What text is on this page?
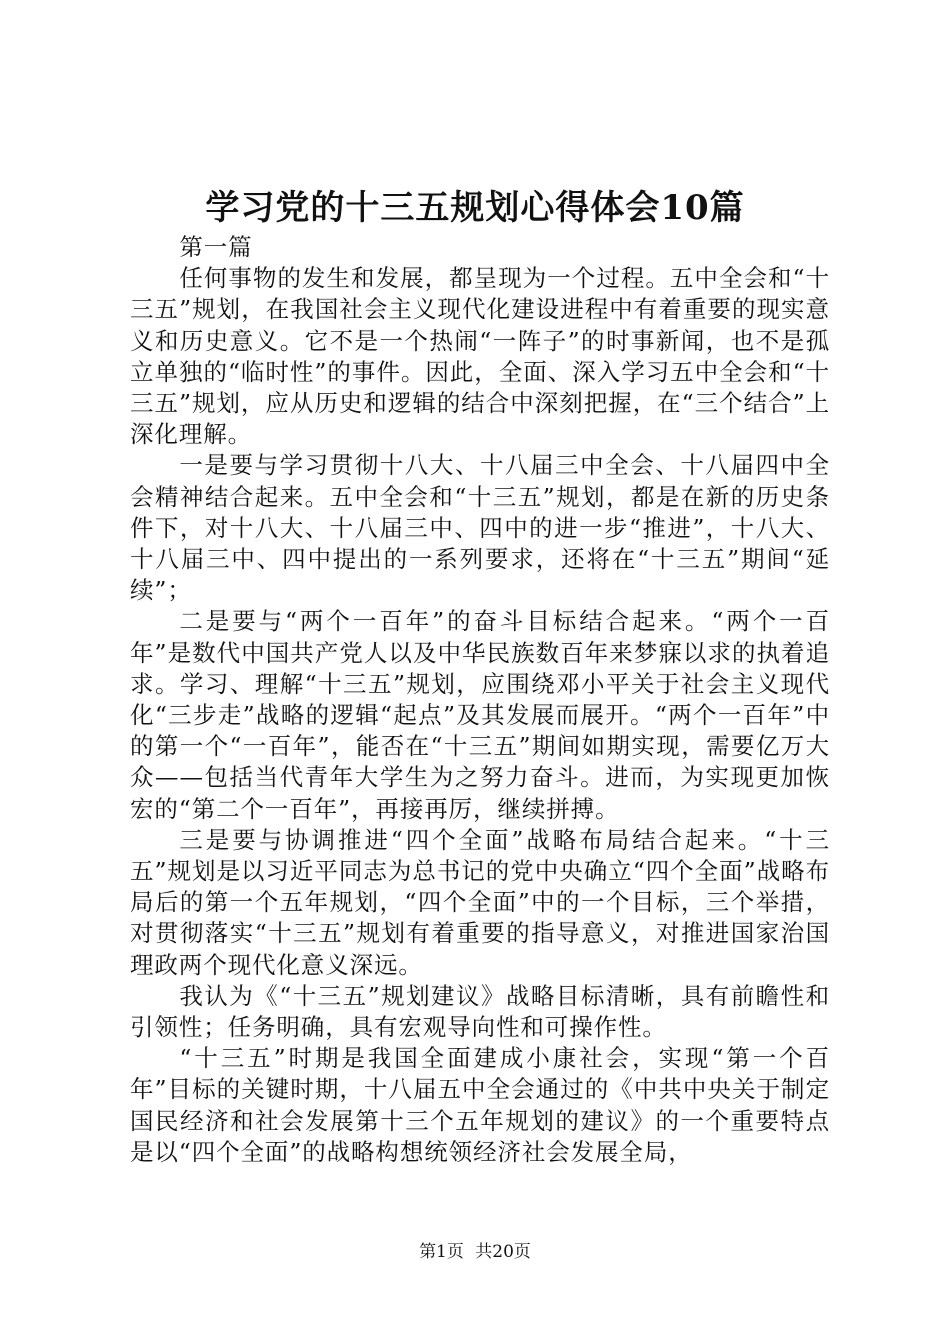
学习党的十三五规划心得体会10篇

第一篇

任何事物的发生和发展，都呈现为一个过程。五中全会和“十三五”规划，在我国社会主义现代化建设进程中有着重要的现实意义和历史意义。它不是一个热闹“一阵子”的时事新闻，也不是孤立单独的“临时性”的事件。因此，全面、深入学习五中全会和“十三五”规划，应从历史和逻辑的结合中深刻把握，在“三个结合”上深化理解。

一是要与学习贯彻十八大、十八届三中全会、十八届四中全会精神结合起来。五中全会和“十三五”规划，都是在新的历史条件下，对十八大、十八届三中、四中的进一步“推进”，十八大、十八届三中、四中提出的一系列要求，还将在“十三五”期间“延续”；

二是要与“两个一百年”的奋斗目标结合起来。“两个一百年”是数代中国共产党人以及中华民族数百年来梦寐以求的执着追求。学习、理解“十三五”规划，应围绕邓小平关于社会主义现代化“三步走”战略的逻辑“起点”及其发展而展开。“两个一百年”中的第一个“一百年”，能否在“十三五”期间如期实现，需要亿万大众——包括当代青年大学生为之努力奋斗。进而，为实现更加恢宏的“第二个一百年”，再接再厉，继续拼搏。

三是要与协调推进“四个全面”战略布局结合起来。“十三五”规划是以习近平同志为总书记的党中央确立“四个全面”战略布局后的第一个五年规划，“四个全面”中的一个目标，三个举措，对贯彻落实“十三五”规划有着重要的指导意义，对推进国家治国理政两个现代化意义深远。

我认为《“十三五”规划建议》战略目标清晰，具有前瞻性和引领性；任务明确，具有宏观导向性和可操作性。

“十三五”时期是我国全面建成小康社会，实现“第一个百年”目标的关键时期，十八届五中全会通过的《中共中央关于制定国民经济和社会发展第十三个五年规划的建议》的一个重要特点是以“四个全面”的战略构想统领经济社会发展全局，

第1页 共20页
